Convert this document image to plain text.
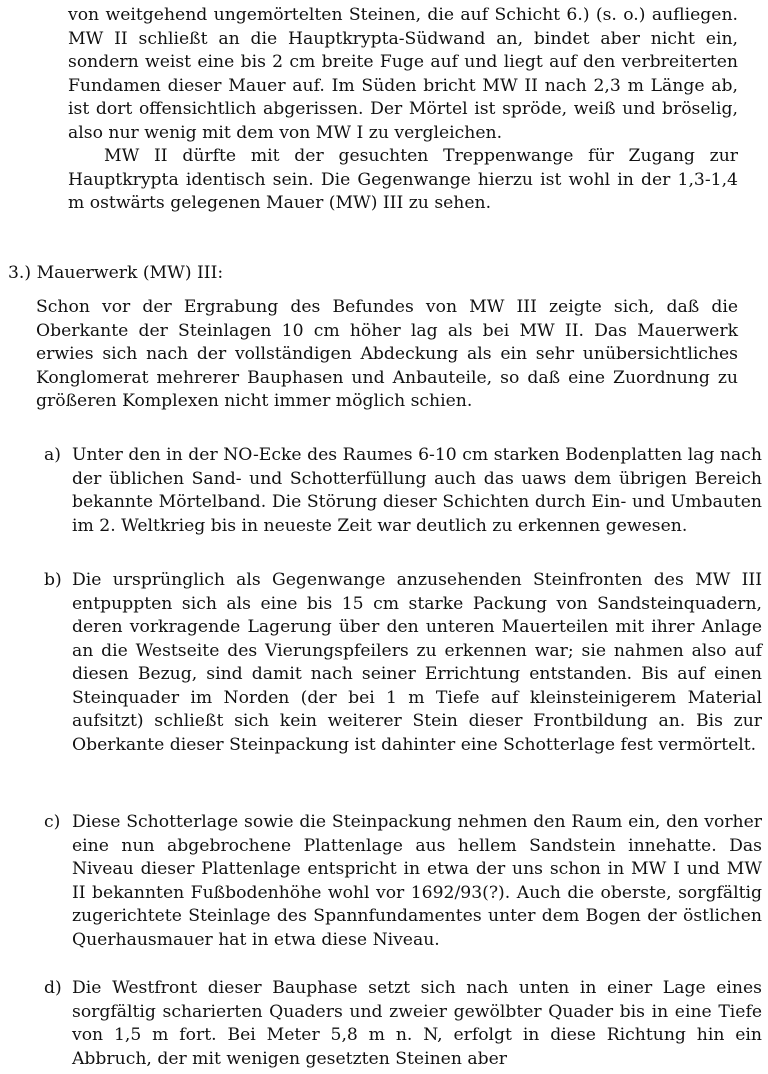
von weitgehend ungemörtelten Steinen, die auf Schicht 6.) (s. o.) aufliegen. MW II schließt an die Hauptkrypta-Südwand an, bindet aber nicht ein, sondern weist eine bis 2 cm breite Fuge auf und liegt auf den verbreiterten Fundamen dieser Mauer auf. Im Süden bricht MW II nach 2,3 m Länge ab, ist dort offensichtlich abgerissen. Der Mörtel ist spröde, weiß und bröselig, also nur wenig mit dem von MW I zu vergleichen.

MW II dürfte mit der gesuchten Treppenwange für Zugang zur Hauptkrypta identisch sein. Die Gegenwange hierzu ist wohl in der 1,3-1,4 m ostwärts gelegenen Mauer (MW) III zu sehen.

3.) Mauerwerk (MW) III:

Schon vor der Ergrabung des Befundes von MW III zeigte sich, daß die Oberkante der Steinlagen 10 cm höher lag als bei MW II. Das Mauerwerk erwies sich nach der vollständigen Abdeckung als ein sehr unübersichtliches Konglomerat mehrerer Bauphasen und Anbauteile, so daß eine Zuordnung zu größeren Komplexen nicht immer möglich schien.

a) Unter den in der NO-Ecke des Raumes 6-10 cm starken Bodenplatten lag nach der üblichen Sand- und Schotterfüllung auch das uaws dem übrigen Bereich bekannte Mörtelband. Die Störung dieser Schichten durch Ein- und Umbauten im 2. Weltkrieg bis in neueste Zeit war deutlich zu erkennen gewesen.
b) Die ursprünglich als Gegenwange anzusehenden Steinfronten des MW III entpuppten sich als eine bis 15 cm starke Packung von Sandsteinquadern, deren vorkragende Lagerung über den unteren Mauerteilen mit ihrer Anlage an die Westseite des Vierungspfeilers zu erkennen war; sie nahmen also auf diesen Bezug, sind damit nach seiner Errichtung entstanden. Bis auf einen Steinquader im Norden (der bei 1 m Tiefe auf kleinsteinigerem Material aufsitzt) schließt sich kein weiterer Stein dieser Frontbildung an. Bis zur Oberkante dieser Steinpackung ist dahinter eine Schotterlage fest vermörtelt.
c) Diese Schotterlage sowie die Steinpackung nehmen den Raum ein, den vorher eine nun abgebrochene Plattenlage aus hellem Sandstein innehatte. Das Niveau dieser Plattenlage entspricht in etwa der uns schon in MW I und MW II bekannten Fußbodenhöhe wohl vor 1692/93(?). Auch die oberste, sorgfältig zugerichtete Steinlage des Spannfundamentes unter dem Bogen der östlichen Querhausmauer hat in etwa diese Niveau.
d) Die Westfront dieser Bauphase setzt sich nach unten in einer Lage eines sorgfältig scharierten Quaders und zweier gewölbter Quader bis in eine Tiefe von 1,5 m fort. Bei Meter 5,8 m n. N, erfolgt in diese Richtung hin ein Abbruch, der mit wenigen gesetzten Steinen aber
